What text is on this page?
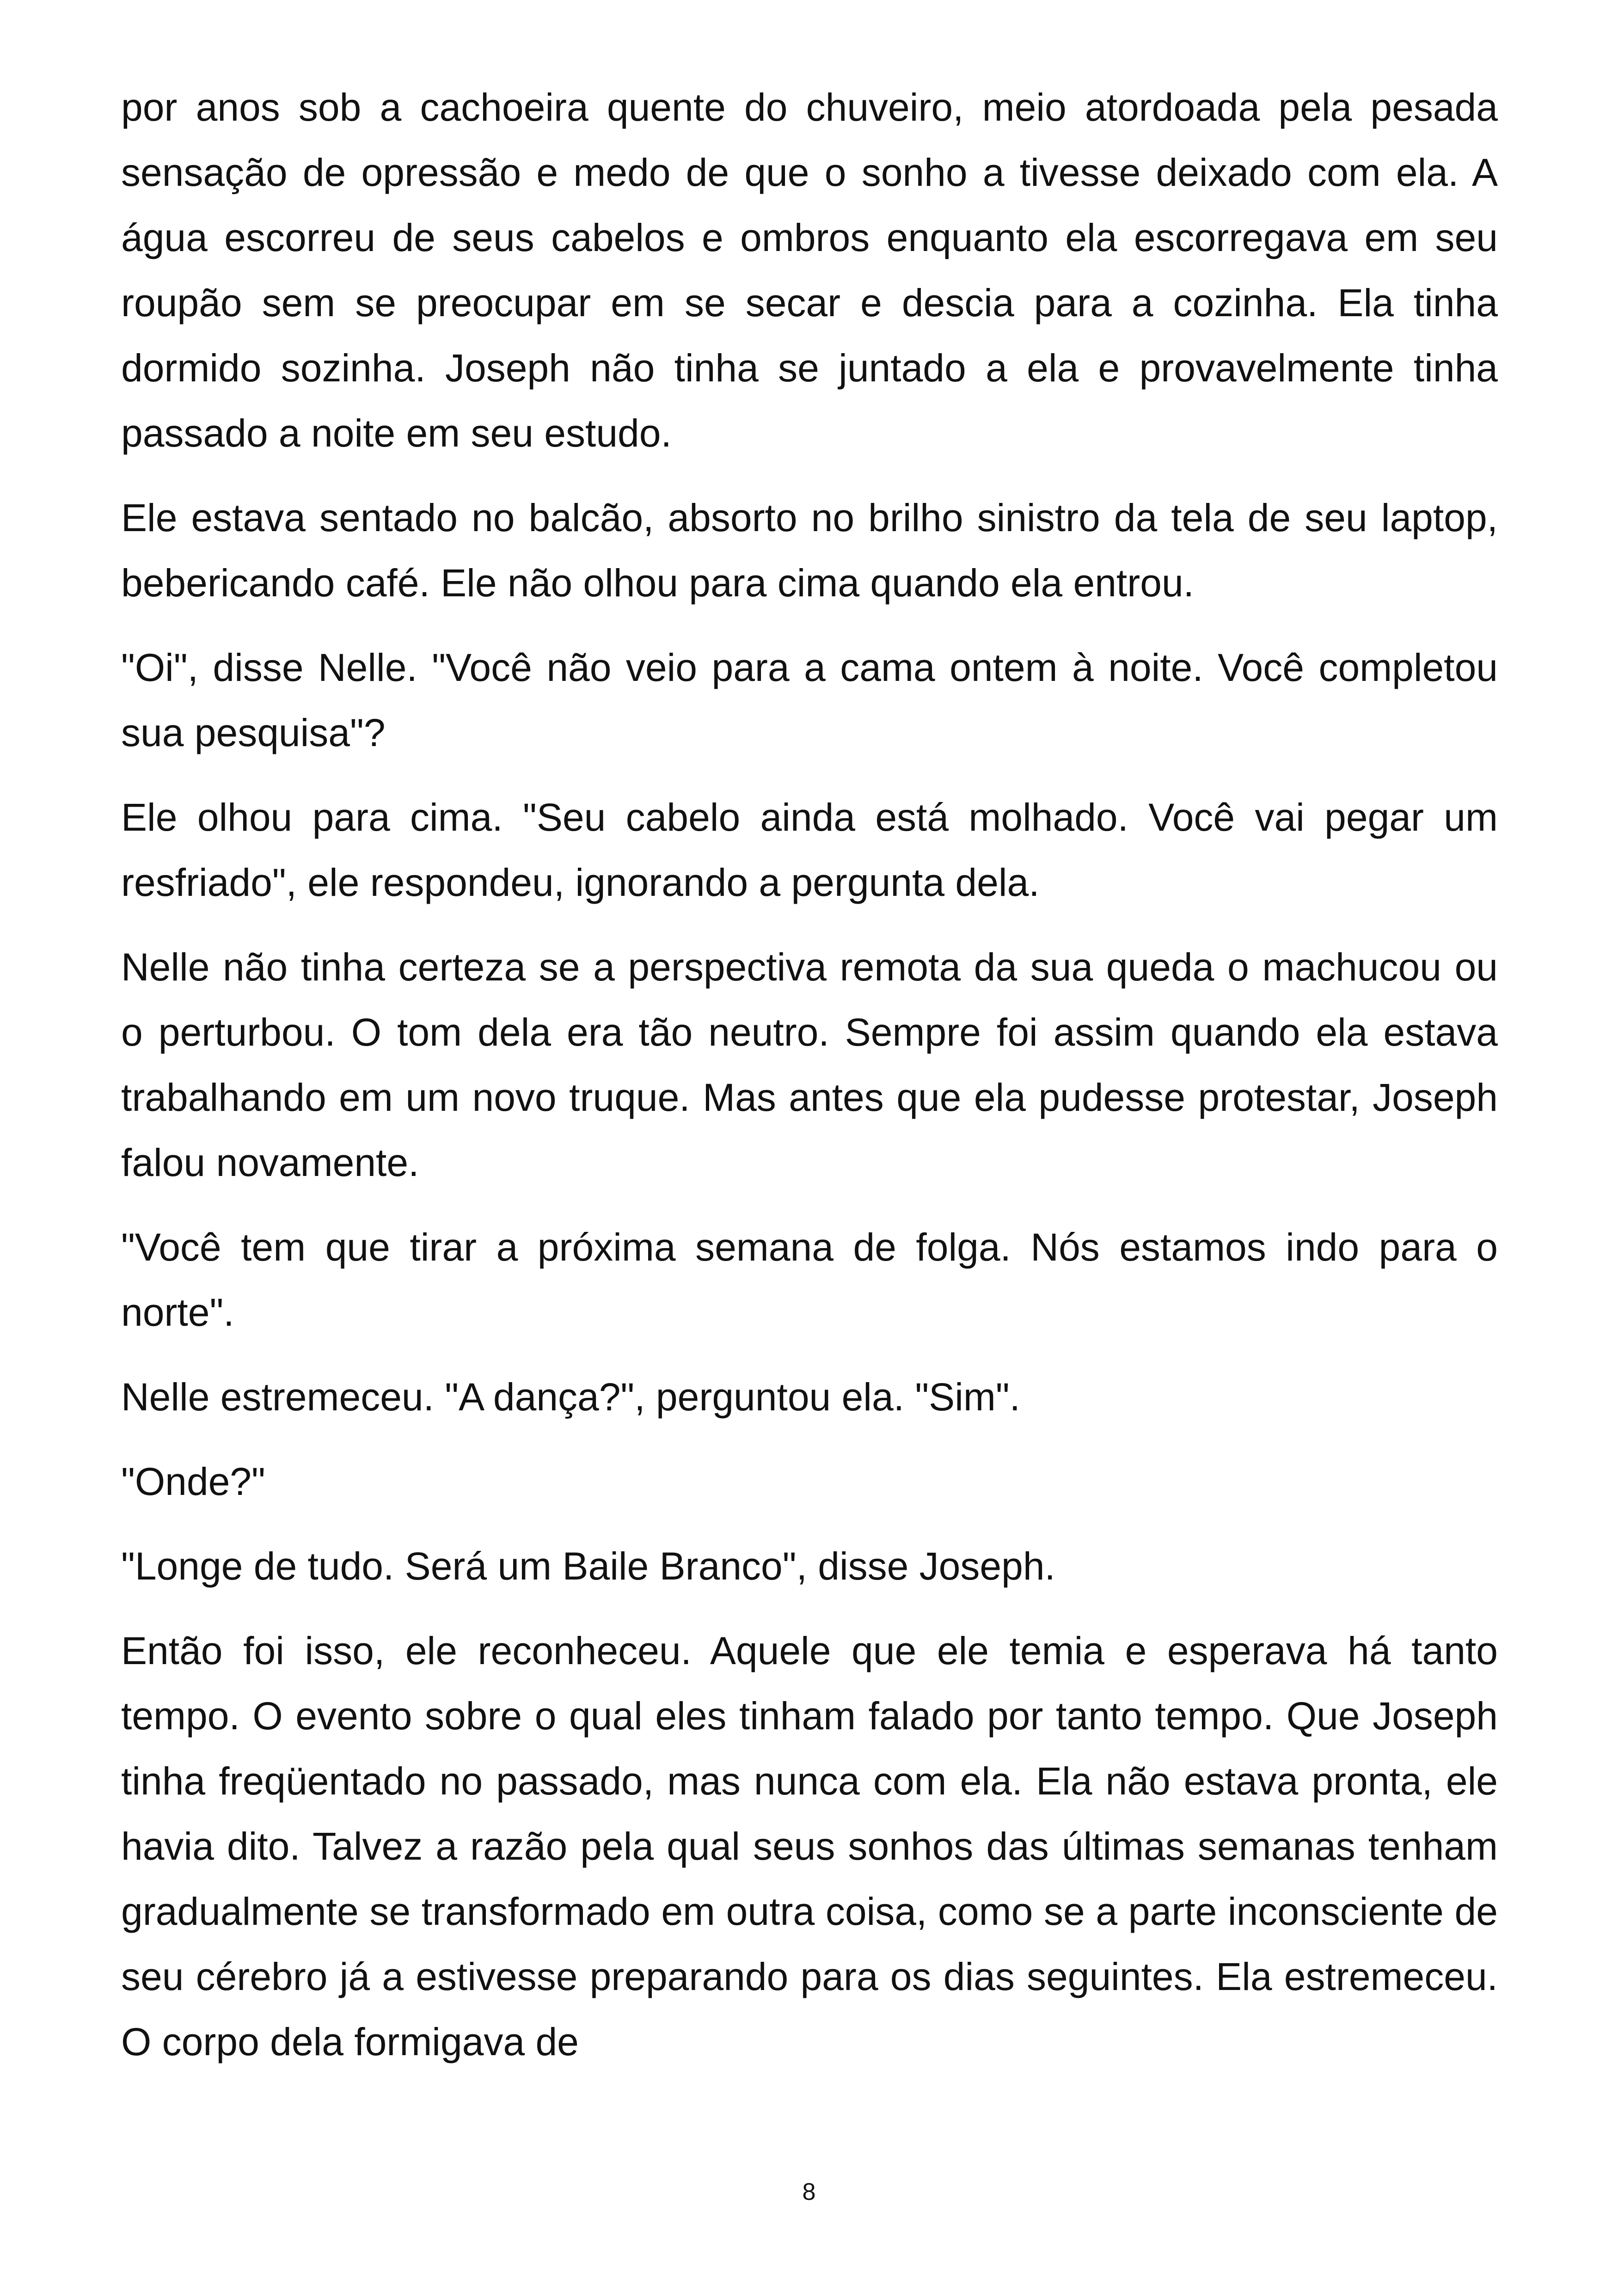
por anos sob a cachoeira quente do chuveiro, meio atordoada pela pesada sensação de opressão e medo de que o sonho a tivesse deixado com ela. A água escorreu de seus cabelos e ombros enquanto ela escorregava em seu roupão sem se preocupar em se secar e descia para a cozinha. Ela tinha dormido sozinha. Joseph não tinha se juntado a ela e provavelmente tinha passado a noite em seu estudo.

Ele estava sentado no balcão, absorto no brilho sinistro da tela de seu laptop, bebericando café. Ele não olhou para cima quando ela entrou.

"Oi", disse Nelle. "Você não veio para a cama ontem à noite. Você completou sua pesquisa"?

Ele olhou para cima. "Seu cabelo ainda está molhado. Você vai pegar um resfriado", ele respondeu, ignorando a pergunta dela.

Nelle não tinha certeza se a perspectiva remota da sua queda o machucou ou o perturbou. O tom dela era tão neutro. Sempre foi assim quando ela estava trabalhando em um novo truque. Mas antes que ela pudesse protestar, Joseph falou novamente.

"Você tem que tirar a próxima semana de folga. Nós estamos indo para o norte".

Nelle estremeceu. "A dança?", perguntou ela. "Sim".

"Onde?"

"Longe de tudo. Será um Baile Branco", disse Joseph.

Então foi isso, ele reconheceu. Aquele que ele temia e esperava há tanto tempo. O evento sobre o qual eles tinham falado por tanto tempo. Que Joseph tinha freqüentado no passado, mas nunca com ela. Ela não estava pronta, ele havia dito. Talvez a razão pela qual seus sonhos das últimas semanas tenham gradualmente se transformado em outra coisa, como se a parte inconsciente de seu cérebro já a estivesse preparando para os dias seguintes. Ela estremeceu. O corpo dela formigava de

8
